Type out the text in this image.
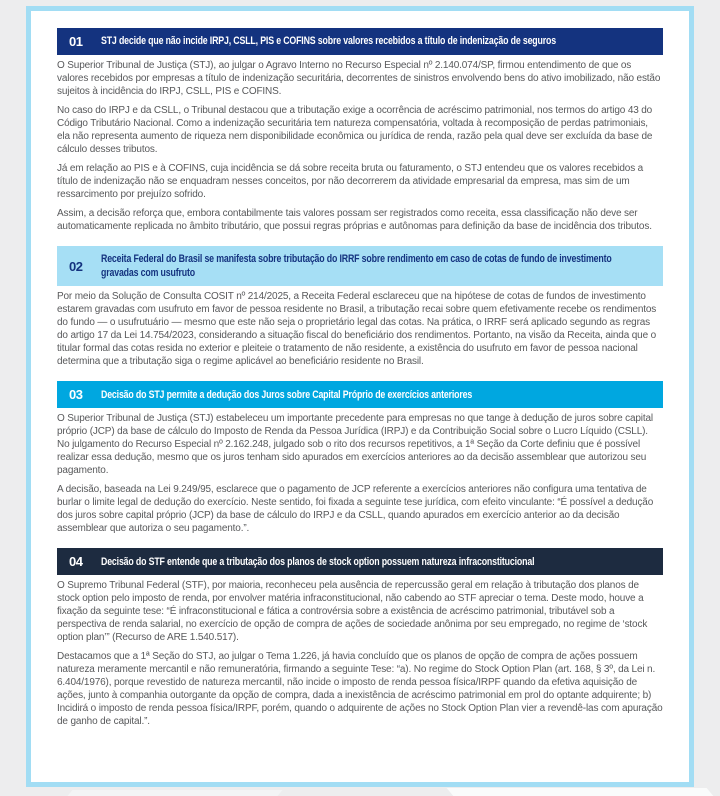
01	STJ decide que não incide IRPJ, CSLL, PIS e COFINS sobre valores recebidos a título de indenização de seguros

O Superior Tribunal de Justiça (STJ), ao julgar o Agravo Interno no Recurso Especial nº 2.140.074/SP, firmou entendimento de que os valores recebidos por empresas a título de indenização securitária, decorrentes de sinistros envolvendo bens do ativo imobilizado, não estão sujeitos à incidência do IRPJ, CSLL, PIS e COFINS.

No caso do IRPJ e da CSLL, o Tribunal destacou que a tributação exige a ocorrência de acréscimo patrimonial, nos termos do artigo 43 do Código Tributário Nacional. Como a indenização securitária tem natureza compensatória, voltada à recomposição de perdas patrimoniais, ela não representa aumento de riqueza nem disponibilidade econômica ou jurídica de renda, razão pela qual deve ser excluída da base de cálculo desses tributos.

Já em relação ao PIS e à COFINS, cuja incidência se dá sobre receita bruta ou faturamento, o STJ entendeu que os valores recebidos a título de indenização não se enquadram nesses conceitos, por não decorrerem da atividade empresarial da empresa, mas sim de um ressarcimento por prejuízo sofrido.

Assim, a decisão reforça que, embora contabilmente tais valores possam ser registrados como receita, essa classificação não deve ser automaticamente replicada no âmbito tributário, que possui regras próprias e autônomas para definição da base de incidência dos tributos.

02	Receita Federal do Brasil se manifesta sobre tributação do IRRF sobre rendimento em caso de cotas de fundo de investimento gravadas com usufruto

Por meio da Solução de Consulta COSIT nº 214/2025, a Receita Federal esclareceu que na hipótese de cotas de fundos de investimento estarem gravadas com usufruto em favor de pessoa residente no Brasil, a tributação recai sobre quem efetivamente recebe os rendimentos do fundo — o usufrutuário — mesmo que este não seja o proprietário legal das cotas. Na prática, o IRRF será aplicado segundo as regras do artigo 17 da Lei 14.754/2023, considerando a situação fiscal do beneficiário dos rendimentos. Portanto, na visão da Receita, ainda que o titular formal das cotas resida no exterior e pleiteie o tratamento de não residente, a existência do usufruto em favor de pessoa nacional determina que a tributação siga o regime aplicável ao beneficiário residente no Brasil.

03	Decisão do STJ permite a dedução dos Juros sobre Capital Próprio de exercícios anteriores

O Superior Tribunal de Justiça (STJ) estabeleceu um importante precedente para empresas no que tange à dedução de juros sobre capital próprio (JCP) da base de cálculo do Imposto de Renda da Pessoa Jurídica (IRPJ) e da Contribuição Social sobre o Lucro Líquido (CSLL). No julgamento do Recurso Especial nº 2.162.248, julgado sob o rito dos recursos repetitivos, a 1ª Seção da Corte definiu que é possível realizar essa dedução, mesmo que os juros tenham sido apurados em exercícios anteriores ao da decisão assemblear que autorizou seu pagamento.

A decisão, baseada na Lei 9.249/95, esclarece que o pagamento de JCP referente a exercícios anteriores não configura uma tentativa de burlar o limite legal de dedução do exercício. Neste sentido, foi fixada a seguinte tese jurídica, com efeito vinculante: “É possível a dedução dos juros sobre capital próprio (JCP) da base de cálculo do IRPJ e da CSLL, quando apurados em exercício anterior ao da decisão assemblear que autoriza o seu pagamento.”.

04	Decisão do STF entende que a tributação dos planos de stock option possuem natureza infraconstitucional

O Supremo Tribunal Federal (STF), por maioria, reconheceu pela ausência de repercussão geral em relação à tributação dos planos de stock option pelo imposto de renda, por envolver matéria infraconstitucional, não cabendo ao STF apreciar o tema. Deste modo, houve a fixação da seguinte tese: “É infraconstitucional e fática a controvérsia sobre a existência de acréscimo patrimonial, tributável sob a perspectiva de renda salarial, no exercício de opção de compra de ações de sociedade anônima por seu empregado, no regime de ‘stock option plan’” (Recurso de ARE 1.540.517).

Destacamos que a 1ª Seção do STJ, ao julgar o Tema 1.226, já havia concluído que os planos de opção de compra de ações possuem natureza meramente mercantil e não remuneratória, firmando a seguinte Tese: “a). No regime do Stock Option Plan (art. 168, § 3º, da Lei n. 6.404/1976), porque revestido de natureza mercantil, não incide o imposto de renda pessoa física/IRPF quando da efetiva aquisição de ações, junto à companhia outorgante da opção de compra, dada a inexistência de acréscimo patrimonial em prol do optante adquirente; b) Incidirá o imposto de renda pessoa física/IRPF, porém, quando o adquirente de ações no Stock Option Plan vier a revendê-las com apuração de ganho de capital.”.
